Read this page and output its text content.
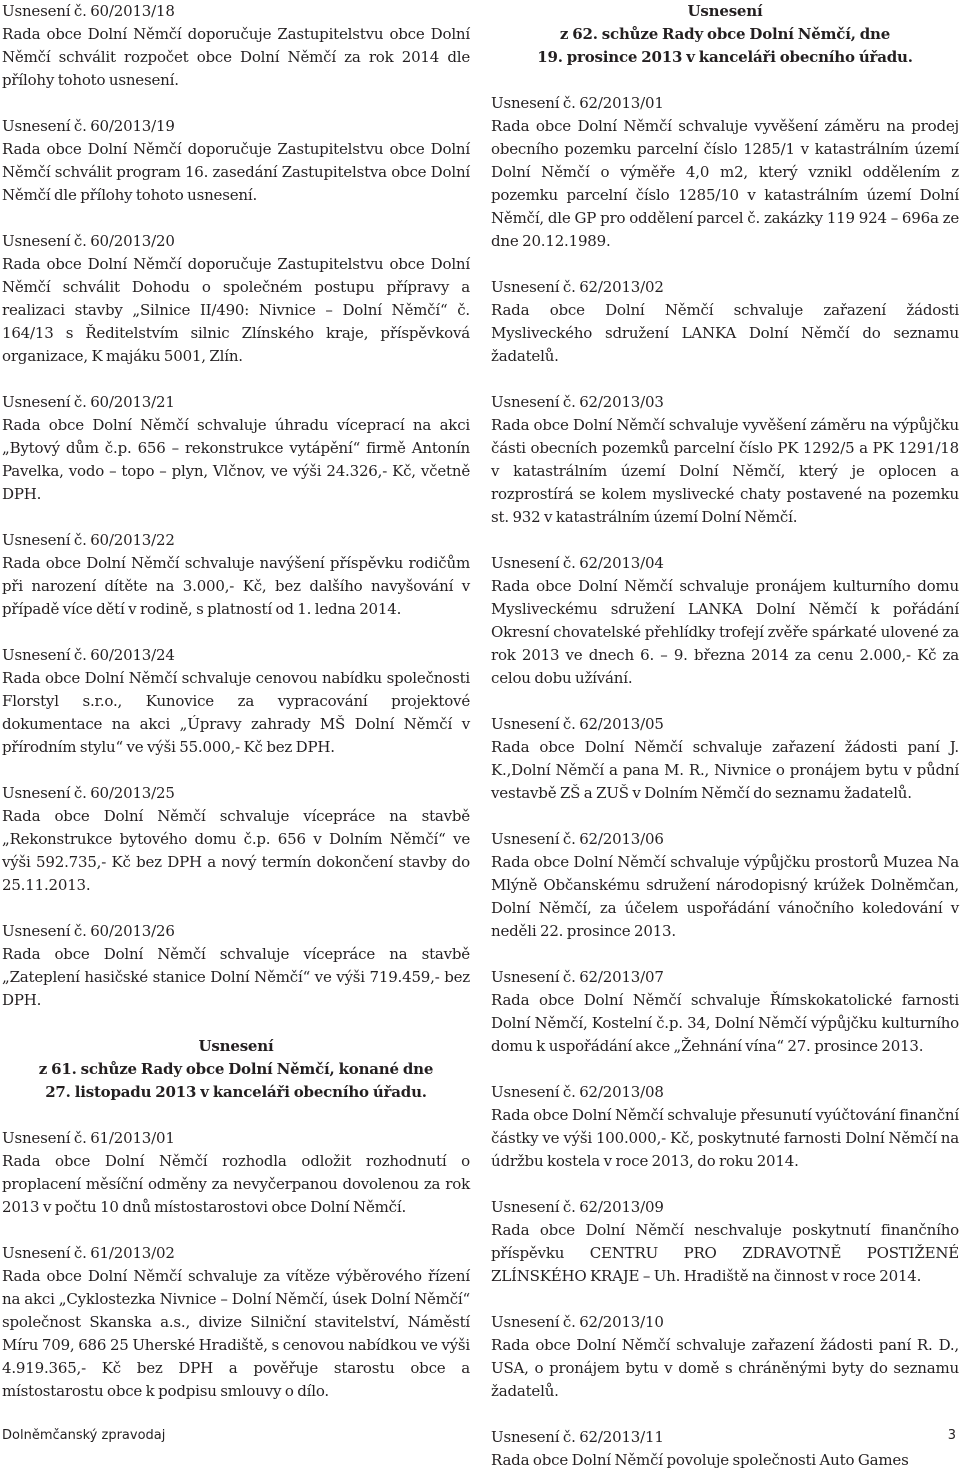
Usnesení č. 60/2013/18

Rada obce Dolní Němčí doporučuje Zastupitelstvu obce Dolní Němčí schválit rozpočet obce Dolní Němčí za rok 2014 dle přílohy tohoto usnesení.

Usnesení č. 60/2013/19

Rada obce Dolní Němčí doporučuje Zastupitelstvu obce Dolní Němčí schválit program 16. zasedání Zastupitelstva obce Dolní Němčí dle přílohy tohoto usnesení.

Usnesení č. 60/2013/20

Rada obce Dolní Němčí doporučuje Zastupitelstvu obce Dolní Němčí schválit Dohodu o společném postupu přípravy a realizaci stavby „Silnice II/490: Nivnice – Dolní Němčí“ č. 164/13 s Ředitelstvím silnic Zlínského kraje, příspěvková organizace, K majáku 5001, Zlín.

Usnesení č. 60/2013/21

Rada obce Dolní Němčí schvaluje úhradu víceprací na akci „Bytový dům č.p. 656 – rekonstrukce vytápění“ firmě Antonín Pavelka, vodo – topo – plyn, Vlčnov, ve výši 24.326,- Kč, včetně DPH.

Usnesení č. 60/2013/22

Rada obce Dolní Němčí schvaluje navýšení příspěvku rodičům při narození dítěte na 3.000,- Kč, bez dalšího navyšování v případě více dětí v rodině, s platností od 1. ledna 2014.

Usnesení č. 60/2013/24

Rada obce Dolní Němčí schvaluje cenovou nabídku společnosti Florstyl s.r.o., Kunovice za vypracování projektové dokumentace na akci „Úpravy zahrady MŠ Dolní Němčí v přírodním stylu“ ve výši 55.000,- Kč bez DPH.

Usnesení č. 60/2013/25

Rada obce Dolní Němčí schvaluje vícepráce na stavbě „Rekonstrukce bytového domu č.p. 656 v Dolním Němčí“ ve výši 592.735,- Kč bez DPH a nový termín dokončení stavby do 25.11.2013.

Usnesení č. 60/2013/26

Rada obce Dolní Němčí schvaluje vícepráce na stavbě „Zateplení hasičské stanice Dolní Němčí“ ve výši 719.459,- bez DPH.

Usnesení

z 61. schůze Rady obce Dolní Němčí, konané dne

27. listopadu 2013 v kanceláři obecního úřadu.

Usnesení č. 61/2013/01

Rada obce Dolní Němčí rozhodla odložit rozhodnutí o proplacení měsíční odměny za nevyčerpanou dovolenou za rok 2013 v počtu 10 dnů místostarostovi obce Dolní Němčí.

Usnesení č. 61/2013/02

Rada obce Dolní Němčí schvaluje za vítěze výběrového řízení na akci „Cyklostezka Nivnice – Dolní Němčí, úsek Dolní Němčí“ společnost Skanska a.s., divize Silniční stavitelství, Náměstí Míru 709, 686 25 Uherské Hradiště, s cenovou nabídkou ve výši 4.919.365,- Kč bez DPH a pověřuje starostu obce a místostarostu obce k podpisu smlouvy o dílo.

Usnesení

z 62. schůze Rady obce Dolní Němčí, dne

19. prosince 2013 v kanceláři obecního úřadu.

Usnesení č. 62/2013/01

Rada obce Dolní Němčí schvaluje vyvěšení záměru na prodej obecního pozemku parcelní číslo 1285/1 v katastrálním území Dolní Němčí o výměře 4,0 m2, který vznikl oddělením z pozemku parcelní číslo 1285/10 v katastrálním území Dolní Němčí, dle GP pro oddělení parcel č. zakázky 119 924 – 696a ze dne 20.12.1989.

Usnesení č. 62/2013/02

Rada obce Dolní Němčí schvaluje zařazení žádosti Mysliveckého sdružení LANKA Dolní Němčí do seznamu žadatelů.

Usnesení č. 62/2013/03

Rada obce Dolní Němčí schvaluje vyvěšení záměru na výpůjčku části obecních pozemků parcelní číslo PK 1292/5 a PK 1291/18 v katastrálním území Dolní Němčí, který je oplocen a rozprostírá se kolem myslivecké chaty postavené na pozemku st. 932 v katastrálním území Dolní Němčí.

Usnesení č. 62/2013/04

Rada obce Dolní Němčí schvaluje pronájem kulturního domu Mysliveckému sdružení LANKA Dolní Němčí k pořádání Okresní chovatelské přehlídky trofejí zvěře spárkaté ulovené za rok 2013 ve dnech 6. – 9. března 2014 za cenu 2.000,- Kč za celou dobu užívání.

Usnesení č. 62/2013/05

Rada obce Dolní Němčí schvaluje zařazení žádosti paní J. K.,Dolní Němčí a pana M. R., Nivnice o pronájem bytu v půdní vestavbě ZŠ a ZUŠ v Dolním Němčí do seznamu žadatelů.

Usnesení č. 62/2013/06

Rada obce Dolní Němčí schvaluje výpůjčku prostorů Muzea Na Mlýně Občanskému sdružení národopisný krúžek Dolněmčan, Dolní Němčí, za účelem uspořádání vánočního koledování v neděli 22. prosince 2013.

Usnesení č. 62/2013/07

Rada obce Dolní Němčí schvaluje Římskokatolické farnosti Dolní Němčí, Kostelní č.p. 34, Dolní Němčí výpůjčku kulturního domu k uspořádání akce „Žehnání vína“ 27. prosince 2013.

Usnesení č. 62/2013/08

Rada obce Dolní Němčí schvaluje přesunutí vyúčtování finanční částky ve výši 100.000,- Kč, poskytnuté farnosti Dolní Němčí na údržbu kostela v roce 2013, do roku 2014.

Usnesení č. 62/2013/09

Rada obce Dolní Němčí neschvaluje poskytnutí finančního příspěvku CENTRU PRO ZDRAVOTNĚ POSTIŽENÉ ZLÍNSKÉHO KRAJE – Uh. Hradiště na činnost v roce 2014.

Usnesení č. 62/2013/10

Rada obce Dolní Němčí schvaluje zařazení žádosti paní R. D., USA, o pronájem bytu v domě s chráněnými byty do seznamu žadatelů.

Usnesení č. 62/2013/11

Rada obce Dolní Němčí povoluje společnosti Auto Games

Dolněmčanský zpravodaj	3
